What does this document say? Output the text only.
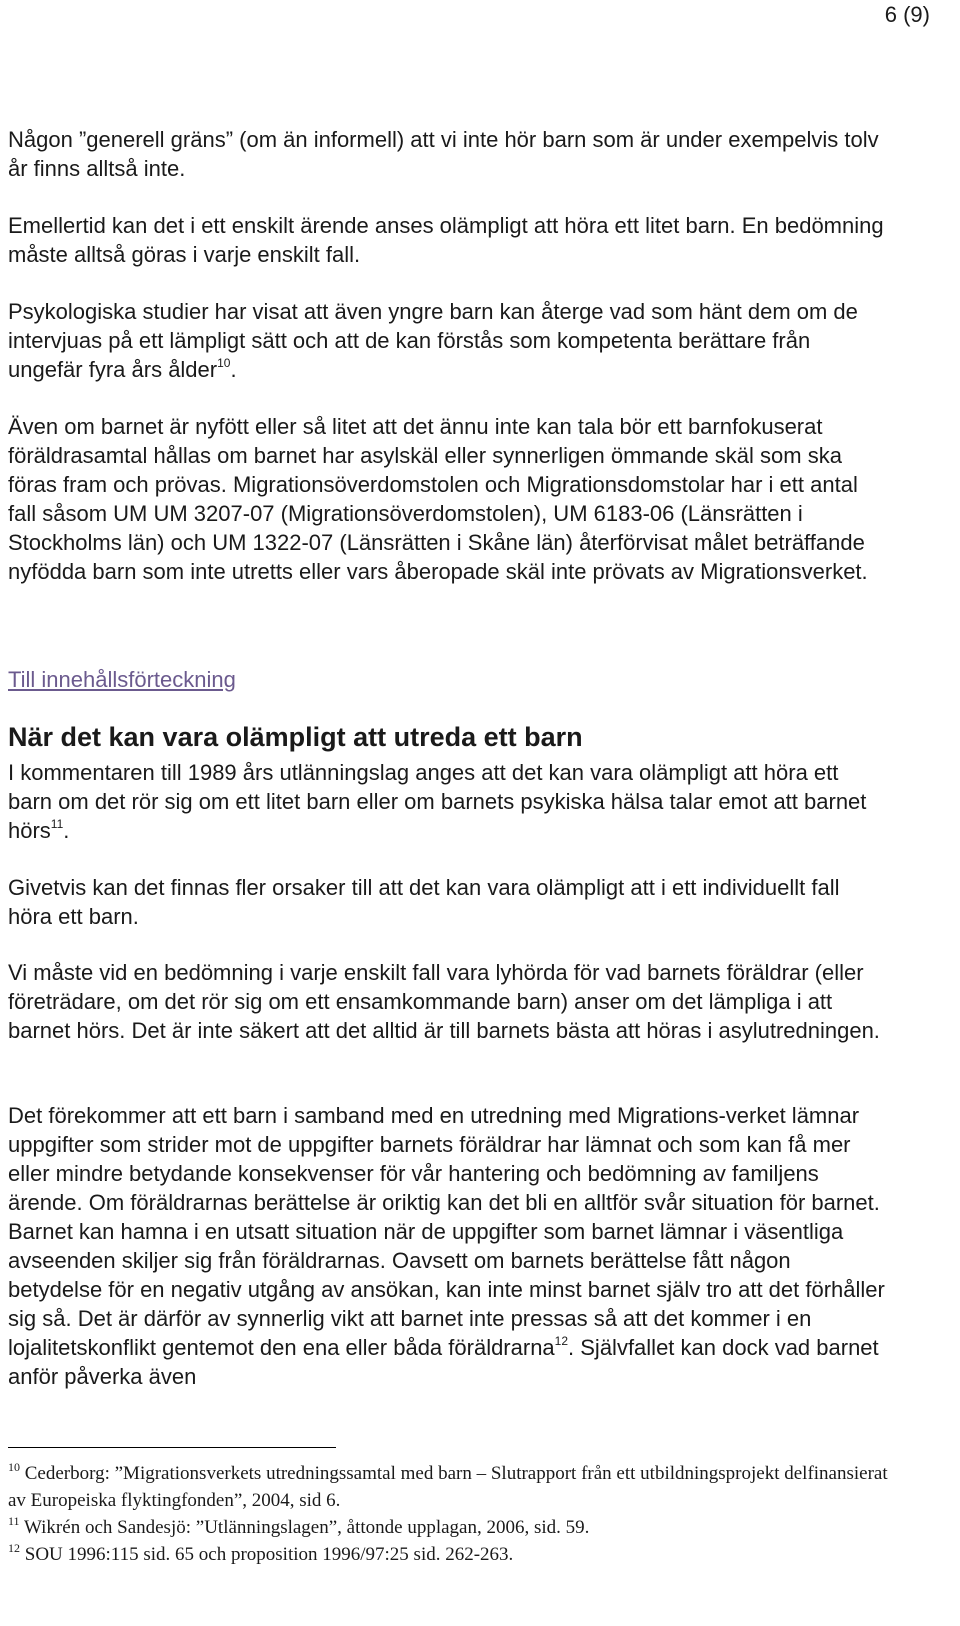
6 (9)

Någon ”generell gräns” (om än informell) att vi inte hör barn som är under exempelvis tolv år finns alltså inte.

Emellertid kan det i ett enskilt ärende anses olämpligt att höra ett litet barn. En bedömning måste alltså göras i varje enskilt fall.

Psykologiska studier har visat att även yngre barn kan återge vad som hänt dem om de intervjuas på ett lämpligt sätt och att de kan förstås som kompetenta berättare från ungefär fyra års ålder$^{10}$.

Även om barnet är nyfött eller så litet att det ännu inte kan tala bör ett barnfokuserat föräldrasamtal hållas om barnet har asylskäl eller synnerligen ömmande skäl som ska föras fram och prövas. Migrationsöverdomstolen och Migrationsdomstolar har i ett antal fall såsom UM UM 3207-07 (Migrationsöverdomstolen), UM 6183-06 (Länsrätten i Stockholms län) och UM 1322-07 (Länsrätten i Skåne län) återförvisat målet beträffande nyfödda barn som inte utretts eller vars åberopade skäl inte prövats av Migrationsverket.

Till innehållsförteckning
När det kan vara olämpligt att utreda ett barn

I kommentaren till 1989 års utlänningslag anges att det kan vara olämpligt att höra ett barn om det rör sig om ett litet barn eller om barnets psykiska hälsa talar emot att barnet hörs$^{11}$.

Givetvis kan det finnas fler orsaker till att det kan vara olämpligt att i ett individuellt fall höra ett barn.

Vi måste vid en bedömning i varje enskilt fall vara lyhörda för vad barnets föräldrar (eller företrädare, om det rör sig om ett ensamkommande barn) anser om det lämpliga i att barnet hörs. Det är inte säkert att det alltid är till barnets bästa att höras i asylutredningen.

Det förekommer att ett barn i samband med en utredning med Migrations-verket lämnar uppgifter som strider mot de uppgifter barnets föräldrar har lämnat och som kan få mer eller mindre betydande konsekvenser för vår hantering och bedömning av familjens ärende. Om föräldrarnas berättelse är oriktig kan det bli en alltför svår situation för barnet. Barnet kan hamna i en utsatt situation när de uppgifter som barnet lämnar i väsentliga avseenden skiljer sig från föräldrarnas. Oavsett om barnets berättelse fått någon betydelse för en negativ utgång av ansökan, kan inte minst barnet själv tro att det förhåller sig så. Det är därför av synnerlig vikt att barnet inte pressas så att det kommer i en lojalitetskonflikt gentemot den ena eller båda föräldrarna$^{12}$. Självfallet kan dock vad barnet anför påverka även

$^{10}$ Cederborg: ”Migrationsverkets utredningssamtal med barn – Slutrapport från ett utbildningsprojekt delfinansierat av Europeiska flyktingfonden”, 2004, sid 6.

$^{11}$ Wikrén och Sandesjö: ”Utlänningslagen”, åttonde upplagan, 2006, sid. 59.

$^{12}$ SOU 1996:115 sid. 65 och proposition 1996/97:25 sid. 262-263.
